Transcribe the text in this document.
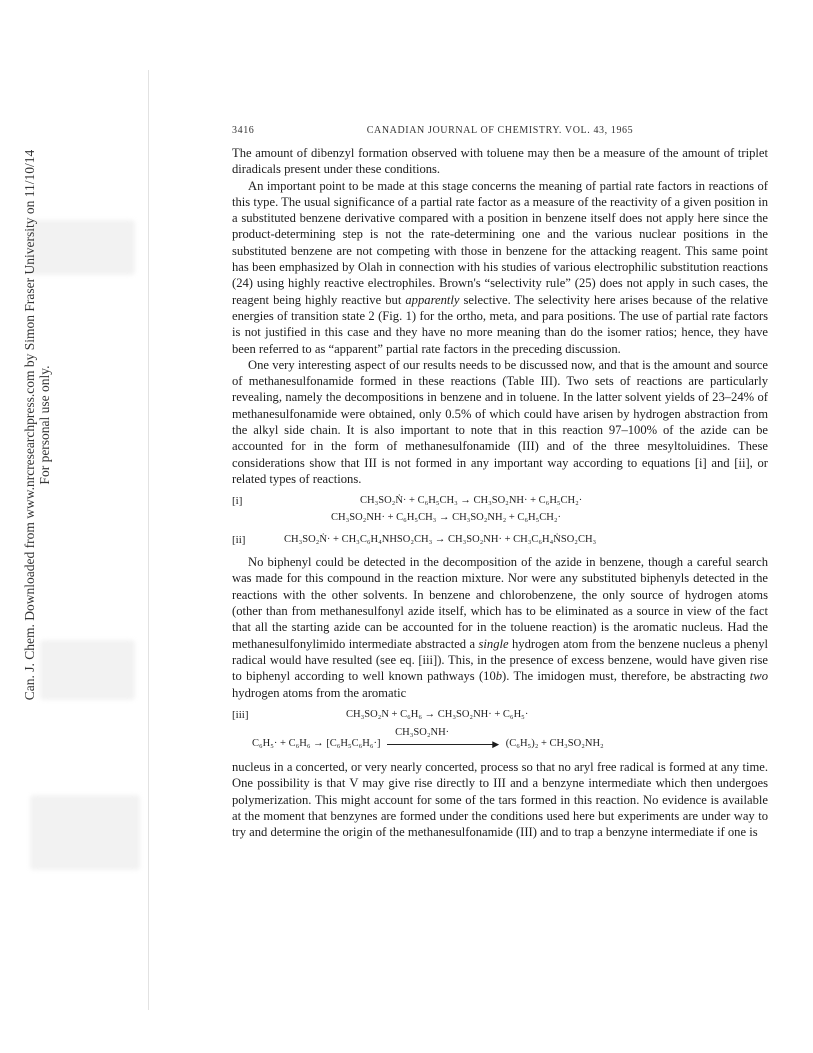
Can. J. Chem. Downloaded from www.nrcresearchpress.com by Simon Fraser University on 11/10/14 For personal use only.
3416	CANADIAN JOURNAL OF CHEMISTRY. VOL. 43, 1965

The amount of dibenzyl formation observed with toluene may then be a measure of the amount of triplet diradicals present under these conditions.

An important point to be made at this stage concerns the meaning of partial rate factors in reactions of this type. The usual significance of a partial rate factor as a measure of the reactivity of a given position in a substituted benzene derivative compared with a position in benzene itself does not apply here since the product-determining step is not the rate-determining one and the various nuclear positions in the substituted benzene are not competing with those in benzene for the attacking reagent. This same point has been emphasized by Olah in connection with his studies of various electrophilic substitution reactions (24) using highly reactive electrophiles. Brown's “selectivity rule” (25) does not apply in such cases, the reagent being highly reactive but apparently selective. The selectivity here arises because of the relative energies of transition state 2 (Fig. 1) for the ortho, meta, and para positions. The use of partial rate factors is not justified in this case and they have no more meaning than do the isomer ratios; hence, they have been referred to as “apparent” partial rate factors in the preceding discussion.

One very interesting aspect of our results needs to be discussed now, and that is the amount and source of methanesulfonamide formed in these reactions (Table III). Two sets of reactions are particularly revealing, namely the decompositions in benzene and in toluene. In the latter solvent yields of 23–24% of methanesulfonamide were obtained, only 0.5% of which could have arisen by hydrogen abstraction from the alkyl side chain. It is also important to note that in this reaction 97–100% of the azide can be accounted for in the form of methanesulfonamide (III) and of the three mesyltoluidines. These considerations show that III is not formed in any important way according to equations [i] and [ii], or related types of reactions.

[i]	CH₃SO₂Ṅ· + C₆H₅CH₃ → CH₃SO₂NH· + C₆H₅CH₂·
CH₃SO₂NH· + C₆H₅CH₃ → CH₃SO₂NH₂ + C₆H₅CH₂·
[ii]	CH₃SO₂Ṅ· + CH₃C₆H₄NHSO₂CH₃ → CH₃SO₂NH· + CH₃C₆H₄ṄSO₂CH₃

No biphenyl could be detected in the decomposition of the azide in benzene, though a careful search was made for this compound in the reaction mixture. Nor were any substituted biphenyls detected in the reactions with the other solvents. In benzene and chlorobenzene, the only source of hydrogen atoms (other than from methanesulfonyl azide itself, which has to be eliminated as a source in view of the fact that all the starting azide can be accounted for in the toluene reaction) is the aromatic nucleus. Had the methanesulfonylimido intermediate abstracted a single hydrogen atom from the benzene nucleus a phenyl radical would have resulted (see eq. [iii]). This, in the presence of excess benzene, would have given rise to biphenyl according to well known pathways (10b). The imidogen must, therefore, be abstracting two hydrogen atoms from the aromatic

[iii]	CH₃SO₂N + C₆H₆ → CH₃SO₂NH· + C₆H₅·
C₆H₅· + C₆H₆ → [C₆H₅C₆H₆·]
CH₃SO₂NH·
▶ (C₆H₅)₂ + CH₃SO₂NH₂

nucleus in a concerted, or very nearly concerted, process so that no aryl free radical is formed at any time. One possibility is that V may give rise directly to III and a benzyne intermediate which then undergoes polymerization. This might account for some of the tars formed in this reaction. No evidence is available at the moment that benzynes are formed under the conditions used here but experiments are under way to try and determine the origin of the methanesulfonamide (III) and to trap a benzyne intermediate if one is
